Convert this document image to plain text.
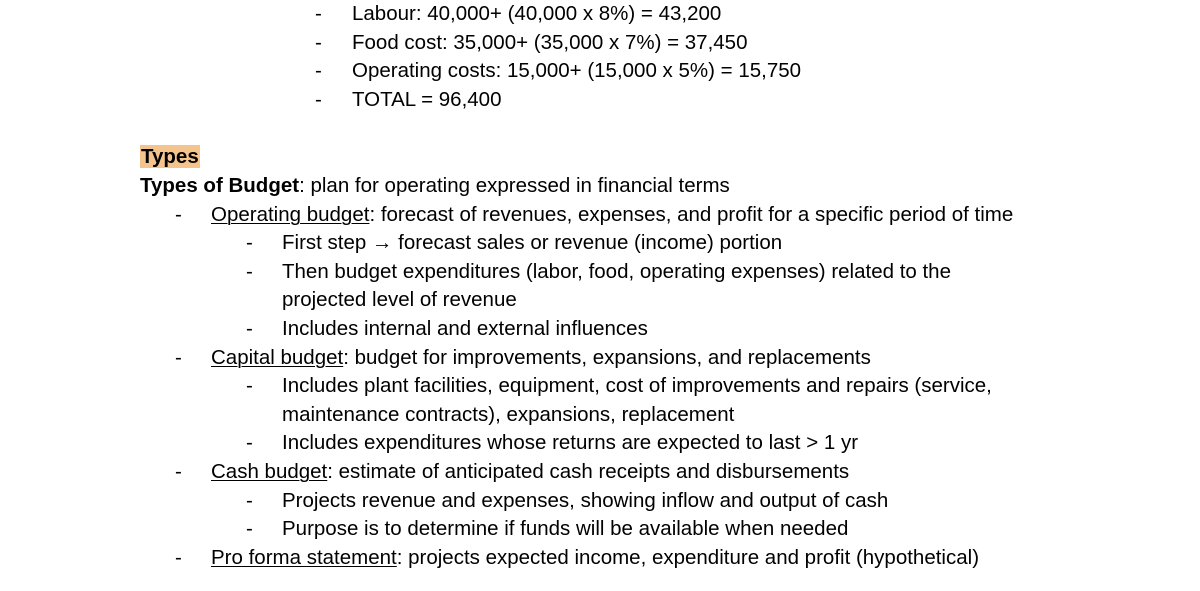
- Labour: 40,000+ (40,000 x 8%) = 43,200
- Food cost: 35,000+ (35,000 x 7%) = 37,450
- Operating costs: 15,000+ (15,000 x 5%) = 15,750
- TOTAL = 96,400
Types
Types of Budget: plan for operating expressed in financial terms
- Operating budget: forecast of revenues, expenses, and profit for a specific period of time
- First step → forecast sales or revenue (income) portion
- Then budget expenditures (labor, food, operating expenses) related to the
projected level of revenue
- Includes internal and external influences
- Capital budget: budget for improvements, expansions, and replacements
- Includes plant facilities, equipment, cost of improvements and repairs (service,
maintenance contracts), expansions, replacement
- Includes expenditures whose returns are expected to last > 1 yr
- Cash budget: estimate of anticipated cash receipts and disbursements
- Projects revenue and expenses, showing inflow and output of cash
- Purpose is to determine if funds will be available when needed
- Pro forma statement: projects expected income, expenditure and profit (hypothetical)
